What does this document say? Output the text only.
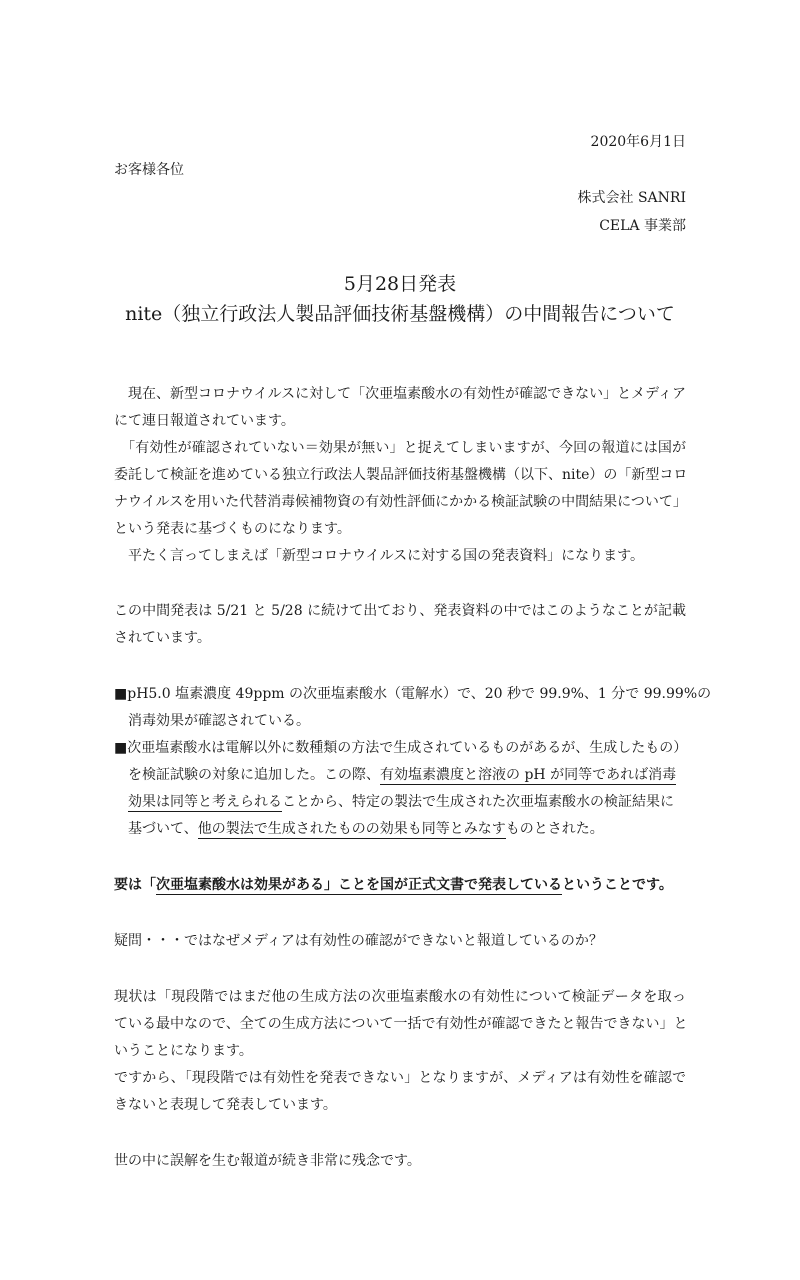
2020年6月1日
お客様各位
株式会社 SANRI
CELA 事業部
5月28日発表
nite（独立行政法人製品評価技術基盤機構）の中間報告について
　現在、新型コロナウイルスに対して「次亜塩素酸水の有効性が確認できない」とメディア
にて連日報道されています。
　「有効性が確認されていない＝効果が無い」と捉えてしまいますが、今回の報道には国が
委託して検証を進めている独立行政法人製品評価技術基盤機構（以下、nite）の「新型コロ
ナウイルスを用いた代替消毒候補物資の有効性評価にかかる検証試験の中間結果について」
という発表に基づくものになります。
　平たく言ってしまえば「新型コロナウイルスに対する国の発表資料」になります。
この中間発表は 5/21 と 5/28 に続けて出ており、発表資料の中ではこのようなことが記載
されています。
■pH5.0 塩素濃度 49ppm の次亜塩素酸水（電解水）で、20 秒で 99.9%、1 分で 99.99%の
消毒効果が確認されている。
■次亜塩素酸水は電解以外に数種類の方法で生成されているものがあるが、生成したもの）
を検証試験の対象に追加した。この際、有効塩素濃度と溶液の pH が同等であれば消毒
効果は同等と考えられることから、特定の製法で生成された次亜塩素酸水の検証結果に
基づいて、他の製法で生成されたものの効果も同等とみなすものとされた。
要は「次亜塩素酸水は効果がある」ことを国が正式文書で発表しているということです。
疑問・・・ではなぜメディアは有効性の確認ができないと報道しているのか？
現状は「現段階ではまだ他の生成方法の次亜塩素酸水の有効性について検証データを取っ
ている最中なので、全ての生成方法について一括で有効性が確認できたと報告できない」と
いうことになります。
ですから、「現段階では有効性を発表できない」となりますが、メディアは有効性を確認で
きないと表現して発表しています。
世の中に誤解を生む報道が続き非常に残念です。
